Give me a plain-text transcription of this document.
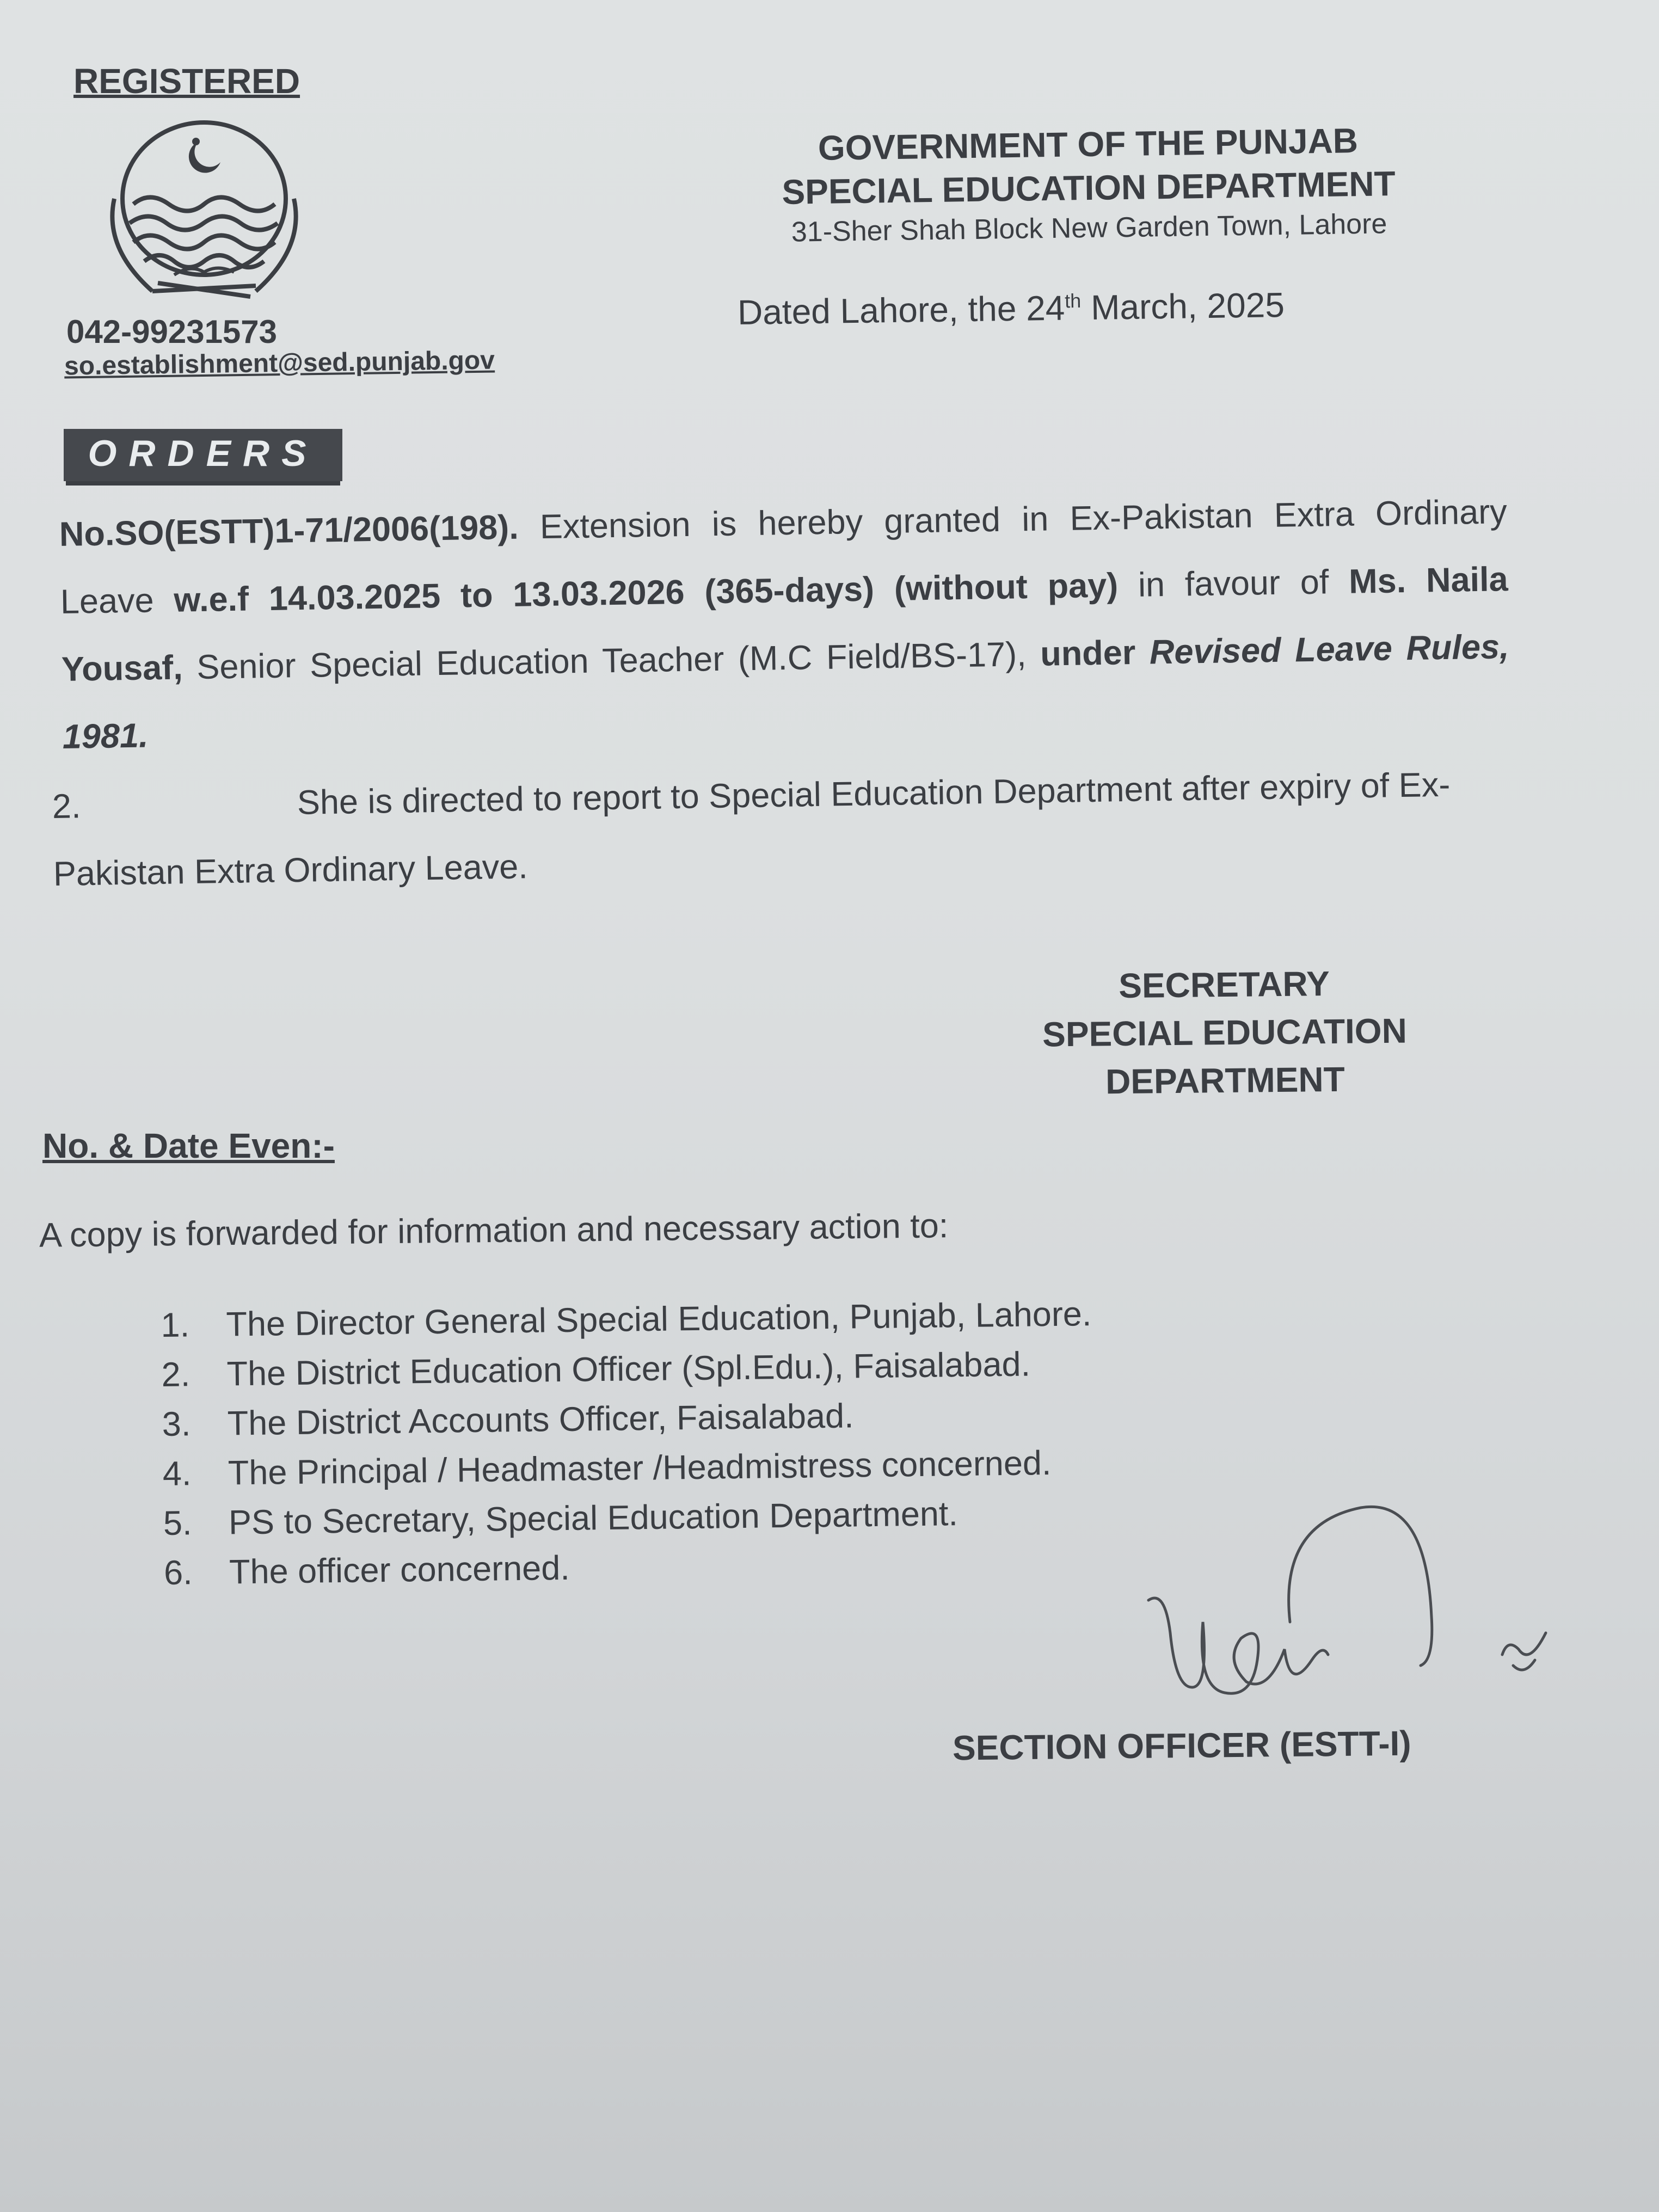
REGISTERED
GOVERNMENT OF THE PUNJAB
SPECIAL EDUCATION DEPARTMENT
31-Sher Shah Block New Garden Town, Lahore
Dated Lahore, the 24th March, 2025
042-99231573
so.establishment@sed.punjab.gov
ORDERS
No.SO(ESTT)1-71/2006(198). Extension is hereby granted in Ex-Pakistan Extra Ordinary Leave w.e.f 14.03.2025 to 13.03.2026 (365-days) (without pay) in favour of Ms. Naila Yousaf, Senior Special Education Teacher (M.C Field/BS-17), under Revised Leave Rules, 1981.
2.	She is directed to report to Special Education Department after expiry of Ex-Pakistan Extra Ordinary Leave.
SECRETARY
SPECIAL EDUCATION
DEPARTMENT
No. & Date Even:-
A copy is forwarded for information and necessary action to:
1. The Director General Special Education, Punjab, Lahore.
2. The District Education Officer (Spl.Edu.), Faisalabad.
3. The District Accounts Officer, Faisalabad.
4. The Principal / Headmaster /Headmistress concerned.
5. PS to Secretary, Special Education Department.
6. The officer concerned.
SECTION OFFICER (ESTT-I)
